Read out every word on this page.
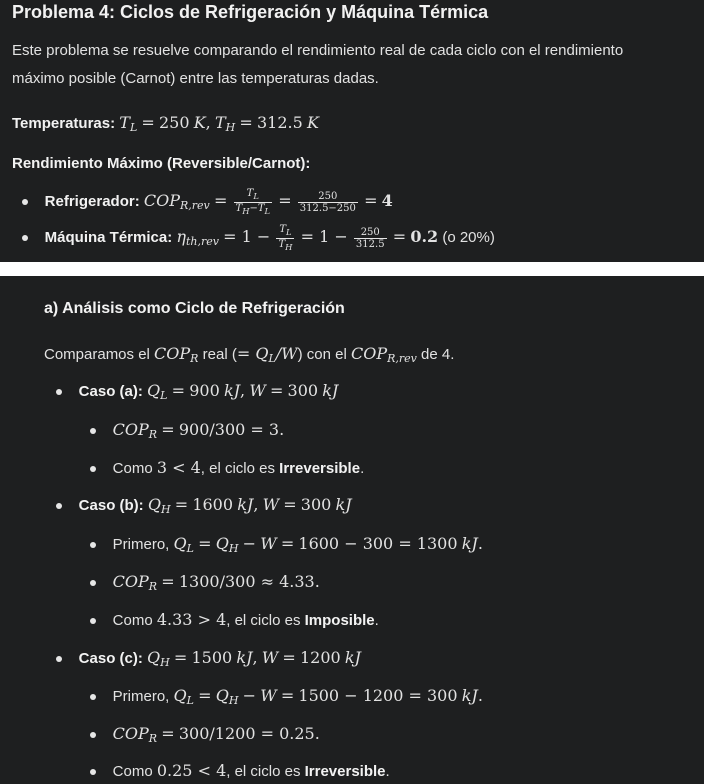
Problema 4: Ciclos de Refrigeración y Máquina Térmica
Este problema se resuelve comparando el rendimiento real de cada ciclo con el rendimiento
máximo posible (Carnot) entre las temperaturas dadas.
Temperaturas: $T_L = 250$ K, $T_H = 312.5$ K
Rendimiento Máximo (Reversible/Carnot):
Refrigerador: $COP_{R,rev} = \frac{T_L}{T_H-T_L} = \frac{250}{312.5-250} = 4$
Máquina Térmica: $\eta_{th,rev} = 1 - \frac{T_L}{T_H} = 1 - \frac{250}{312.5} = 0.2$ (o 20%)
a) Análisis como Ciclo de Refrigeración
Comparamos el $COP_R$ real (= $Q_L/W$) con el $COP_{R,rev}$ de 4.
Caso (a): $Q_L = 900$ kJ, W = 300 kJ
$COP_R = 900/300 = 3$.
Como 3 < 4, el ciclo es Irreversible.
Caso (b): $Q_H = 1600$ kJ, W = 300 kJ
Primero, $Q_L = Q_H - W = 1600 - 300 = 1300$ kJ.
$COP_R = 1300/300 \approx 4.33$.
Como 4.33 > 4, el ciclo es Imposible.
Caso (c): $Q_H = 1500$ kJ, W = 1200 kJ
Primero, $Q_L = Q_H - W = 1500 - 1200 = 300$ kJ.
$COP_R = 300/1200 = 0.25$.
Como 0.25 < 4, el ciclo es Irreversible.
